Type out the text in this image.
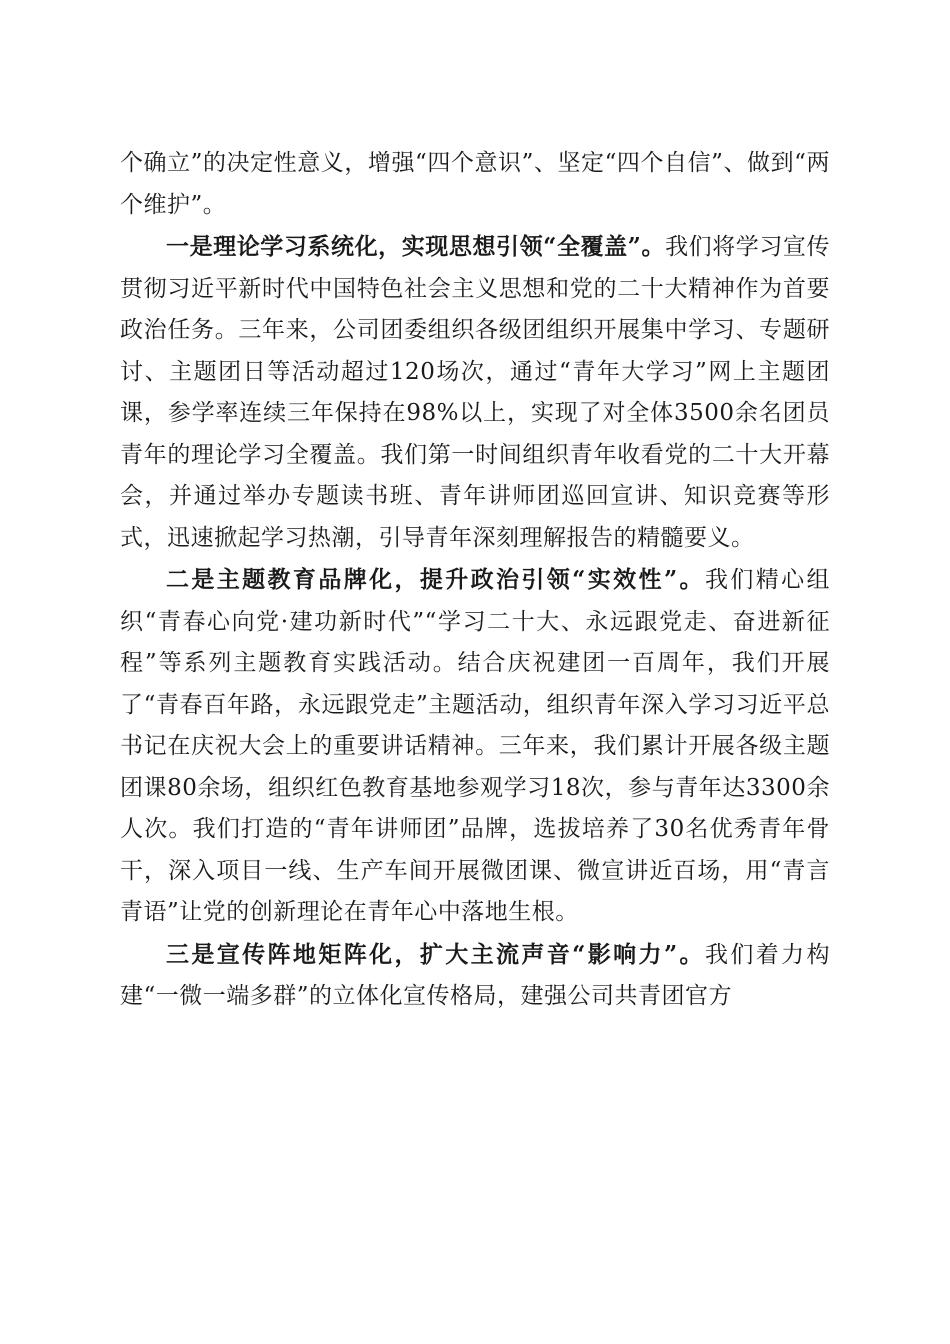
个确立”的决定性意义，增强“四个意识”、坚定“四个自信”、做到“两个维护”。

一是理论学习系统化，实现思想引领“全覆盖”。我们将学习宣传贯彻习近平新时代中国特色社会主义思想和党的二十大精神作为首要政治任务。三年来，公司团委组织各级团组织开展集中学习、专题研讨、主题团日等活动超过120场次，通过“青年大学习”网上主题团课，参学率连续三年保持在98%以上，实现了对全体3500余名团员青年的理论学习全覆盖。我们第一时间组织青年收看党的二十大开幕会，并通过举办专题读书班、青年讲师团巡回宣讲、知识竞赛等形式，迅速掀起学习热潮，引导青年深刻理解报告的精髓要义。

二是主题教育品牌化，提升政治引领“实效性”。我们精心组织“青春心向党·建功新时代”“学习二十大、永远跟党走、奋进新征程”等系列主题教育实践活动。结合庆祝建团一百周年，我们开展了“青春百年路，永远跟党走”主题活动，组织青年深入学习习近平总书记在庆祝大会上的重要讲话精神。三年来，我们累计开展各级主题团课80余场，组织红色教育基地参观学习18次，参与青年达3300余人次。我们打造的“青年讲师团”品牌，选拔培养了30名优秀青年骨干，深入项目一线、生产车间开展微团课、微宣讲近百场，用“青言青语”让党的创新理论在青年心中落地生根。

三是宣传阵地矩阵化，扩大主流声音“影响力”。我们着力构建“一微一端多群”的立体化宣传格局，建强公司共青团官方
